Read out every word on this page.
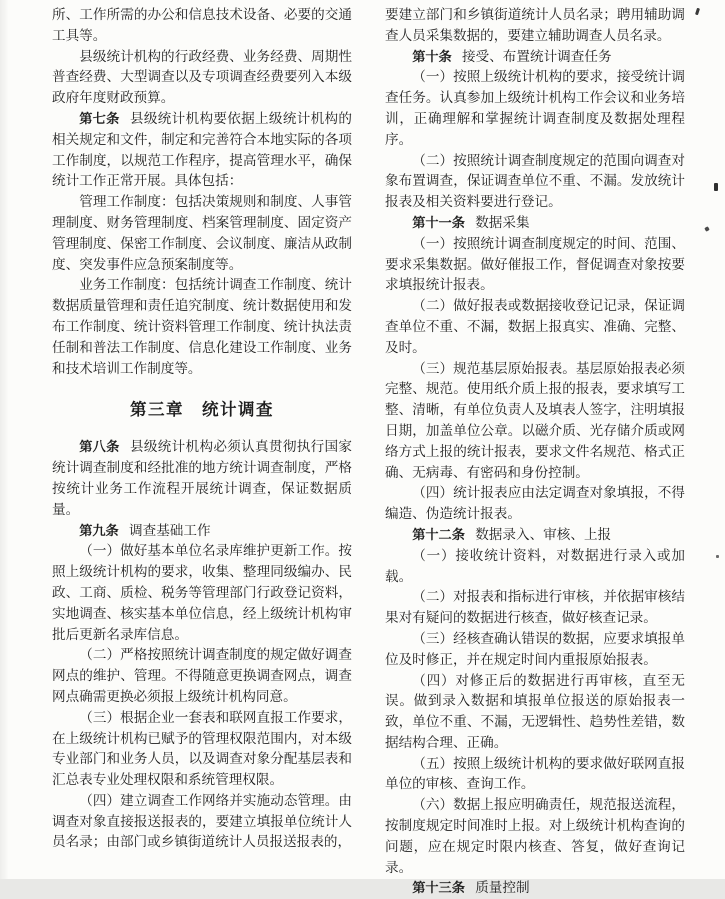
所、工作所需的办公和信息技术设备、必要的交通工具等。

县级统计机构的行政经费、业务经费、周期性普查经费、大型调查以及专项调查经费要列入本级政府年度财政预算。

第七条 县级统计机构要依据上级统计机构的相关规定和文件，制定和完善符合本地实际的各项工作制度，以规范工作程序，提高管理水平，确保统计工作正常开展。具体包括：

管理工作制度：包括决策规则和制度、人事管理制度、财务管理制度、档案管理制度、固定资产管理制度、保密工作制度、会议制度、廉洁从政制度、突发事件应急预案制度等。

业务工作制度：包括统计调查工作制度、统计数据质量管理和责任追究制度、统计数据使用和发布工作制度、统计资料管理工作制度、统计执法责任制和普法工作制度、信息化建设工作制度、业务和技术培训工作制度等。

第三章　统计调查

第八条 县级统计机构必须认真贯彻执行国家统计调查制度和经批准的地方统计调查制度，严格按统计业务工作流程开展统计调查，保证数据质量。

第九条 调查基础工作

（一）做好基本单位名录库维护更新工作。按照上级统计机构的要求，收集、整理同级编办、民政、工商、质检、税务等管理部门行政登记资料，实地调查、核实基本单位信息，经上级统计机构审批后更新名录库信息。

（二）严格按照统计调查制度的规定做好调查网点的维护、管理。不得随意更换调查网点，调查网点确需更换必须报上级统计机构同意。

（三）根据企业一套表和联网直报工作要求，在上级统计机构已赋予的管理权限范围内，对本级专业部门和业务人员，以及调查对象分配基层表和汇总表专业处理权限和系统管理权限。

（四）建立调查工作网络并实施动态管理。由调查对象直接报送报表的，要建立填报单位统计人员名录；由部门或乡镇街道统计人员报送报表的，

要建立部门和乡镇街道统计人员名录；聘用辅助调查人员采集数据的，要建立辅助调查人员名录。

第十条 接受、布置统计调查任务

（一）按照上级统计机构的要求，接受统计调查任务。认真参加上级统计机构工作会议和业务培训，正确理解和掌握统计调查制度及数据处理程序。

（二）按照统计调查制度规定的范围向调查对象布置调查，保证调查单位不重、不漏。发放统计报表及相关资料要进行登记。

第十一条 数据采集

（一）按照统计调查制度规定的时间、范围、要求采集数据。做好催报工作，督促调查对象按要求填报统计报表。

（二）做好报表或数据接收登记记录，保证调查单位不重、不漏，数据上报真实、准确、完整、及时。

（三）规范基层原始报表。基层原始报表必须完整、规范。使用纸介质上报的报表，要求填写工整、清晰，有单位负责人及填表人签字，注明填报日期，加盖单位公章。以磁介质、光存储介质或网络方式上报的统计报表，要求文件名规范、格式正确、无病毒、有密码和身份控制。

（四）统计报表应由法定调查对象填报，不得编造、伪造统计报表。

第十二条 数据录入、审核、上报

（一）接收统计资料，对数据进行录入或加载。

（二）对报表和指标进行审核，并依据审核结果对有疑问的数据进行核查，做好核查记录。

（三）经核查确认错误的数据，应要求填报单位及时修正，并在规定时间内重报原始报表。

（四）对修正后的数据进行再审核，直至无误。做到录入数据和填报单位报送的原始报表一致，单位不重、不漏，无逻辑性、趋势性差错，数据结构合理、正确。

（五）按照上级统计机构的要求做好联网直报单位的审核、查询工作。

（六）数据上报应明确责任，规范报送流程，按制度规定时间准时上报。对上级统计机构查询的问题，应在规定时限内核查、答复，做好查询记录。

第十三条 质量控制
